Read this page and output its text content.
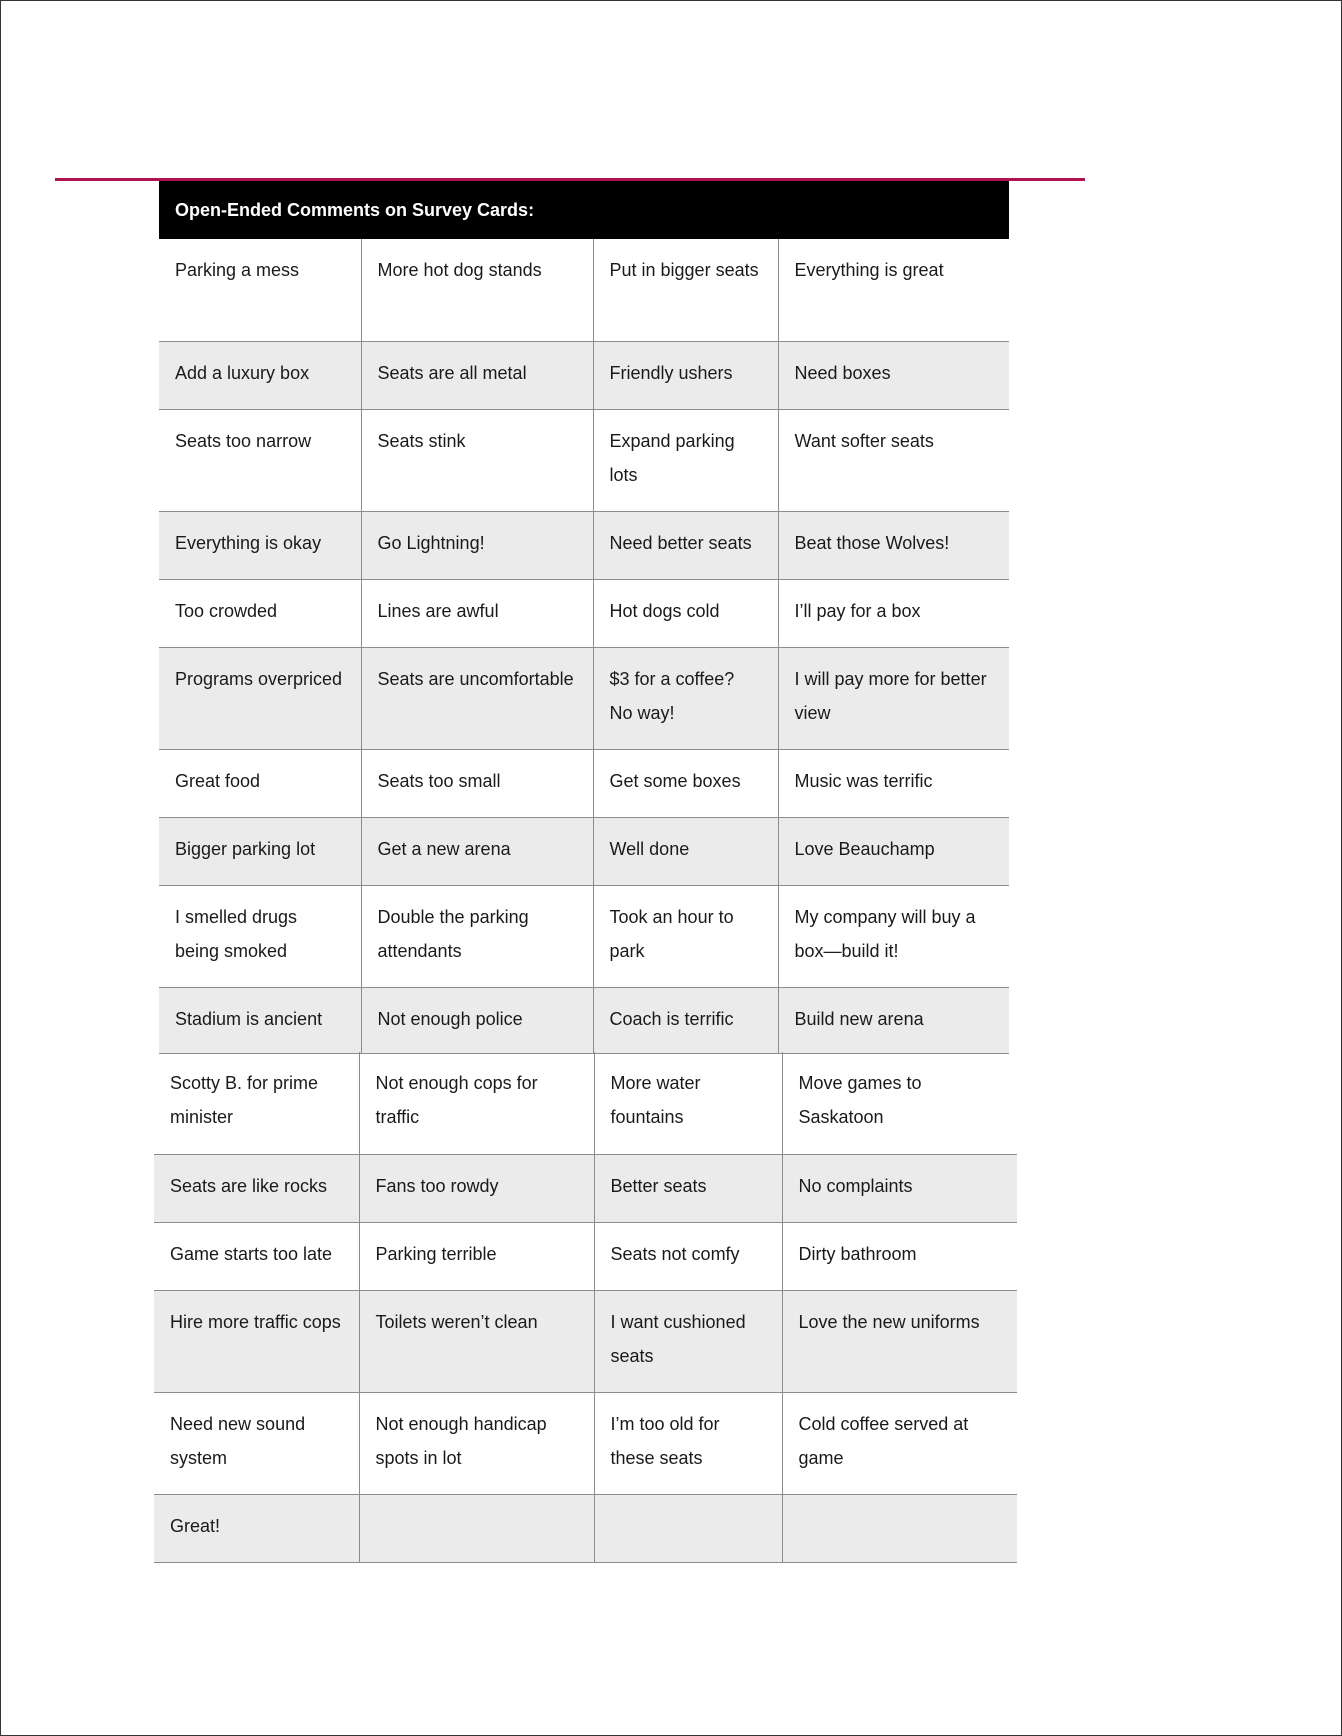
Open-Ended Comments on Survey Cards:
Parking a mess	More hot dog stands	Put in bigger seats	Everything is great
Add a luxury box	Seats are all metal	Friendly ushers	Need boxes
Seats too narrow	Seats stink	Expand parking lots	Want softer seats
Everything is okay	Go Lightning!	Need better seats	Beat those Wolves!
Too crowded	Lines are awful	Hot dogs cold	I’ll pay for a box
Programs overpriced	Seats are uncomfortable	$3 for a coffee? No way!	I will pay more for better view
Great food	Seats too small	Get some boxes	Music was terrific
Bigger parking lot	Get a new arena	Well done	Love Beauchamp
I smelled drugs being smoked	Double the parking attendants	Took an hour to park	My company will buy a box—build it!
Stadium is ancient	Not enough police	Coach is terrific	Build new arena
Scotty B. for prime minister	Not enough cops for traffic	More water fountains	Move games to Saskatoon
Seats are like rocks	Fans too rowdy	Better seats	No complaints
Game starts too late	Parking terrible	Seats not comfy	Dirty bathroom
Hire more traffic cops	Toilets weren’t clean	I want cushioned seats	Love the new uniforms
Need new sound system	Not enough handicap spots in lot	I’m too old for these seats	Cold coffee served at game
Great!			
